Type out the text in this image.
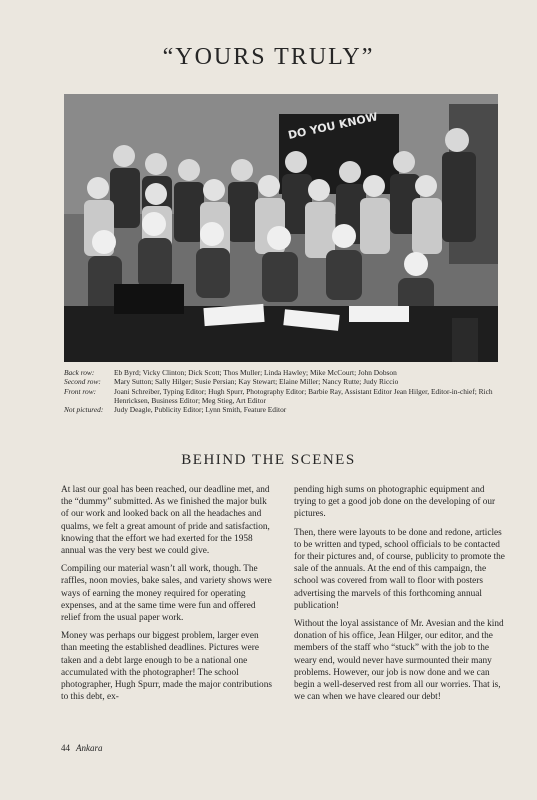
“YOURS TRULY”
DO YOU KNOW
Back row:	Eb Byrd; Vicky Clinton; Dick Scott; Thos Muller; Linda Hawley; Mike McCourt; John Dobson
Second row:	Mary Sutton; Sally Hilger; Susie Persian; Kay Stewart; Elaine Miller; Nancy Rutte; Judy Riccio
Front row:	Joani Schreiber, Typing Editor; Hugh Spurr, Photography Editor; Barbie Ray, Assistant Editor Jean Hilger, Editor-in-chief; Rich Henricksen, Business Editor; Meg Stieg, Art Editor
Not pictured:	Judy Deagle, Publicity Editor; Lynn Smith, Feature Editor
BEHIND THE SCENES

At last our goal has been reached, our deadline met, and the “dummy” submitted. As we finished the major bulk of our work and looked back on all the headaches and qualms, we felt a great amount of pride and satisfaction, knowing that the effort we had exerted for the 1958 annual was the very best we could give.

Compiling our material wasn’t all work, though. The raffles, noon movies, bake sales, and variety shows were ways of earning the money required for operating expenses, and at the same time were fun and offered relief from the usual paper work.

Money was perhaps our biggest problem, larger even than meeting the established deadlines. Pictures were taken and a debt large enough to be a national one accumulated with the photographer! The school photographer, Hugh Spurr, made the major contributions to this debt, ex-

pending high sums on photographic equipment and trying to get a good job done on the developing of our pictures.

Then, there were layouts to be done and redone, articles to be written and typed, school officials to be contacted for their pictures and, of course, publicity to promote the sale of the annuals. At the end of this campaign, the school was covered from wall to floor with posters advertising the marvels of this forthcoming annual publication!

Without the loyal assistance of Mr. Avesian and the kind donation of his office, Jean Hilger, our editor, and the members of the staff who “stuck” with the job to the weary end, would never have surmounted their many problems. However, our job is now done and we can begin a well-deserved rest from all our worries. That is, we can when we have cleared our debt!

44 Ankara
